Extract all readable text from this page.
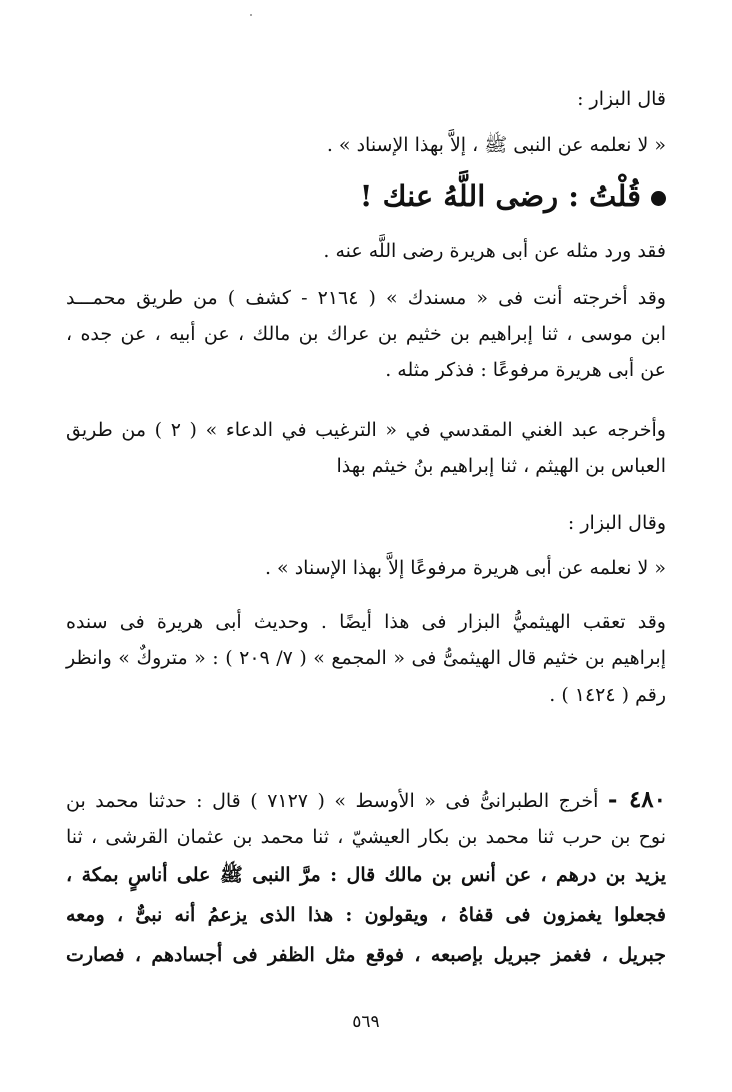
قال البزار :
« لا نعلمه عن النبى ﷺ ، إلاَّ بهذا الإسناد » .
قُلْتُ : رضى اللَّهُ عنك !
فقد ورد مثله عن أبى هريرة رضى اللَّه عنه .
وقد أخرجته أنت فى « مسندك » ( ٢١٦٤ - كشف ) من طريق محمـــد
ابن موسى ، ثنا إبراهيم بن خثيم بن عراك بن مالك ، عن أبيه ، عن جده ،
عن أبى هريرة مرفوعًا : فذكر مثله .
وأخرجه عبد الغني المقدسي في « الترغيب في الدعاء » ( ٢ ) من طريق
العباس بن الهيثم ، ثنا إبراهيم بنُ خيثم بهذا
وقال البزار :
« لا نعلمه عن أبى هريرة مرفوعًا إلاَّ بهذا الإسناد » .
وقد تعقب الهيثميُّ البزار فى هذا أيضًا . وحديث أبى هريرة فى سنده
إبراهيم بن خثيم قال الهيثمىُّ فى « المجمع » ( ٧/ ٢٠٩ ) : « متروكٌ » وانظر
رقم ( ١٤٢٤ ) .
٤٨٠ - أخرج الطبرانىُّ فى « الأوسط » ( ٧١٢٧ ) قال : حدثنا محمد بن
نوح بن حرب ثنا محمد بن بكار العيشيّ ، ثنا محمد بن عثمان القرشى ، ثنا
يزيد بن درهم ، عن أنس بن مالك قال : مرَّ النبى ﷺ على أناسٍ بمكة ،
فجعلوا يغمزون فى قفاهُ ، ويقولون : هذا الذى يزعمُ أنه نبىٌّ ، ومعه
جبريل ، فغمز جبريل بإصبعه ، فوقع مثل الظفر فى أجسادهم ، فصارت
٥٦٩
